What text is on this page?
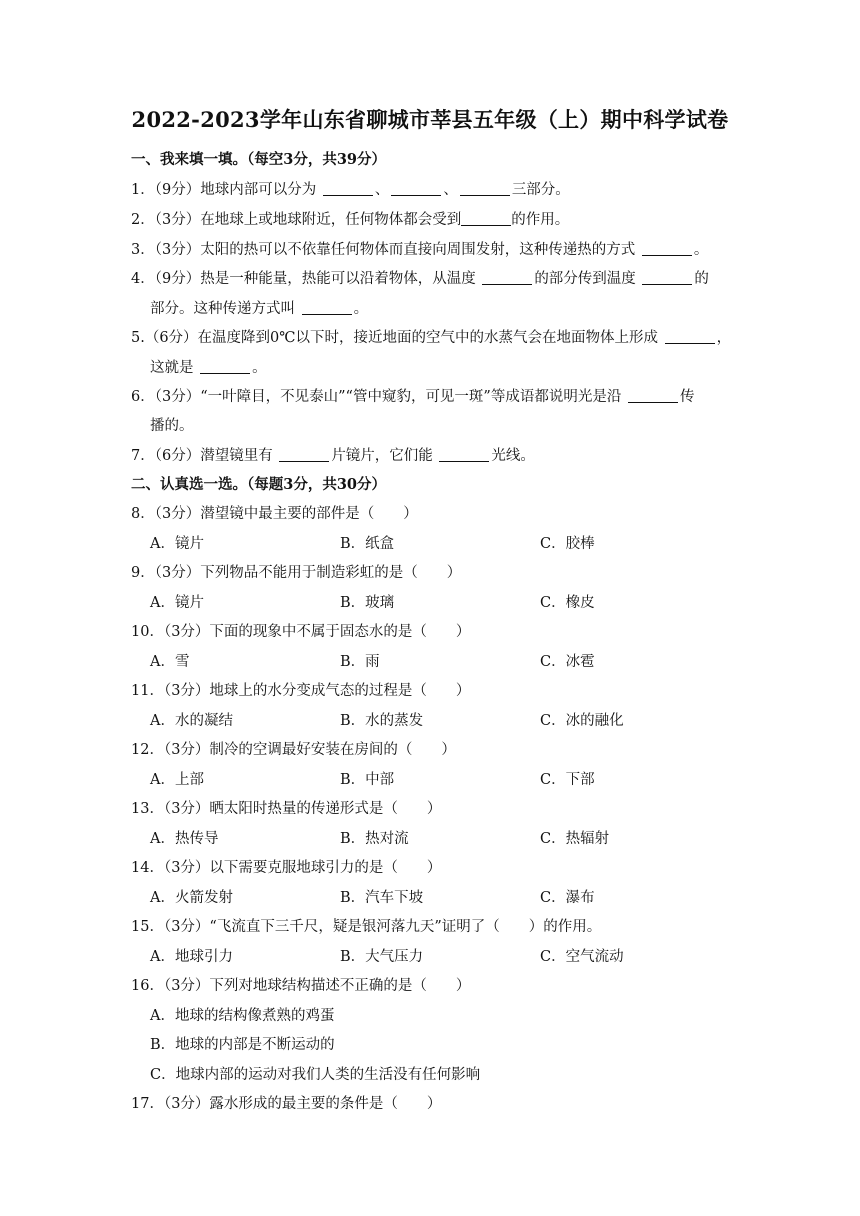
2022-2023学年山东省聊城市莘县五年级（上）期中科学试卷
一、我来填一填。（每空3分，共39分）
1．（9分）地球内部可以分为	、	、	三部分。
2．（3分）在地球上或地球附近，任何物体都会受到	的作用。
3．（3分）太阳的热可以不依靠任何物体而直接向周围发射，这种传递热的方式	。
4．（9分）热是一种能量，热能可以沿着物体，从温度	的部分传到温度	的
部分。这种传递方式叫	。
5.（6分）在温度降到0℃以下时，接近地面的空气中的水蒸气会在地面物体上形成	，
这就是	。
6．（3分）“一叶障目，不见泰山”“管中窥豹，可见一斑”等成语都说明光是沿	传
播的。
7．（6分）潜望镜里有	片镜片，它们能	光线。
二、认真选一选。（每题3分，共30分）
8．（3分）潜望镜中最主要的部件是（　　）
A．镜片	B．纸盒	C．胶棒
9．（3分）下列物品不能用于制造彩虹的是（　　）
A．镜片	B．玻璃	C．橡皮
10．（3分）下面的现象中不属于固态水的是（　　）
A．雪	B．雨	C．冰雹
11．（3分）地球上的水分变成气态的过程是（　　）
A．水的凝结	B．水的蒸发	C．冰的融化
12．（3分）制冷的空调最好安装在房间的（　　）
A．上部	B．中部	C．下部
13．（3分）晒太阳时热量的传递形式是（　　）
A．热传导	B．热对流	C．热辐射
14．（3分）以下需要克服地球引力的是（　　）
A．火箭发射	B．汽车下坡	C．瀑布
15．（3分）“飞流直下三千尺，疑是银河落九天”证明了（　　）的作用。
A．地球引力	B．大气压力	C．空气流动
16．（3分）下列对地球结构描述不正确的是（　　）
A．地球的结构像煮熟的鸡蛋
B．地球的内部是不断运动的
C．地球内部的运动对我们人类的生活没有任何影响
17．（3分）露水形成的最主要的条件是（　　）
